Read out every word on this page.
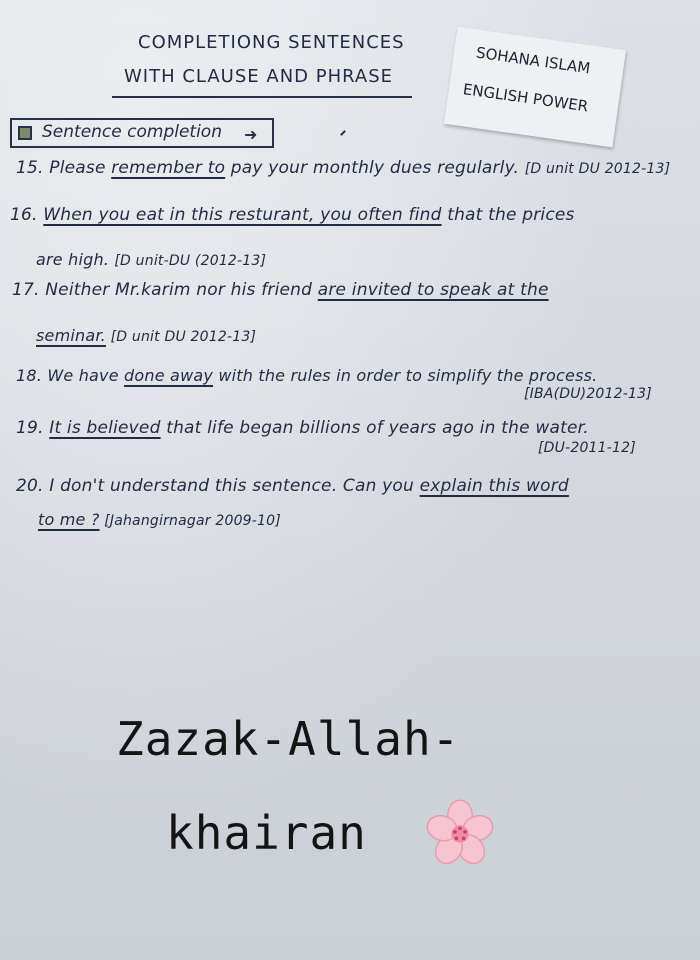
COMPLETIONG SENTENCES
WITH CLAUSE AND PHRASE	SOHANA ISLAM
ENGLISH POWER
Sentence completion ➜
15. Please remember to pay your monthly dues regularly. [D unit DU 2012-13]
16. When you eat in this resturant, you often find that the prices
are high. [D unit-DU (2012-13]
17. Neither Mr.karim nor his friend are invited to speak at the
seminar. [D unit DU 2012-13]
18. We have done away with the rules in order to simplify the process.
[IBA(DU)2012-13]
19. It is believed that life began billions of years ago in the water.
[DU-2011-12]
20. I don't understand this sentence. Can you explain this word
to me ? [Jahangirnagar 2009-10]
Zazak-Allah-
khairan
